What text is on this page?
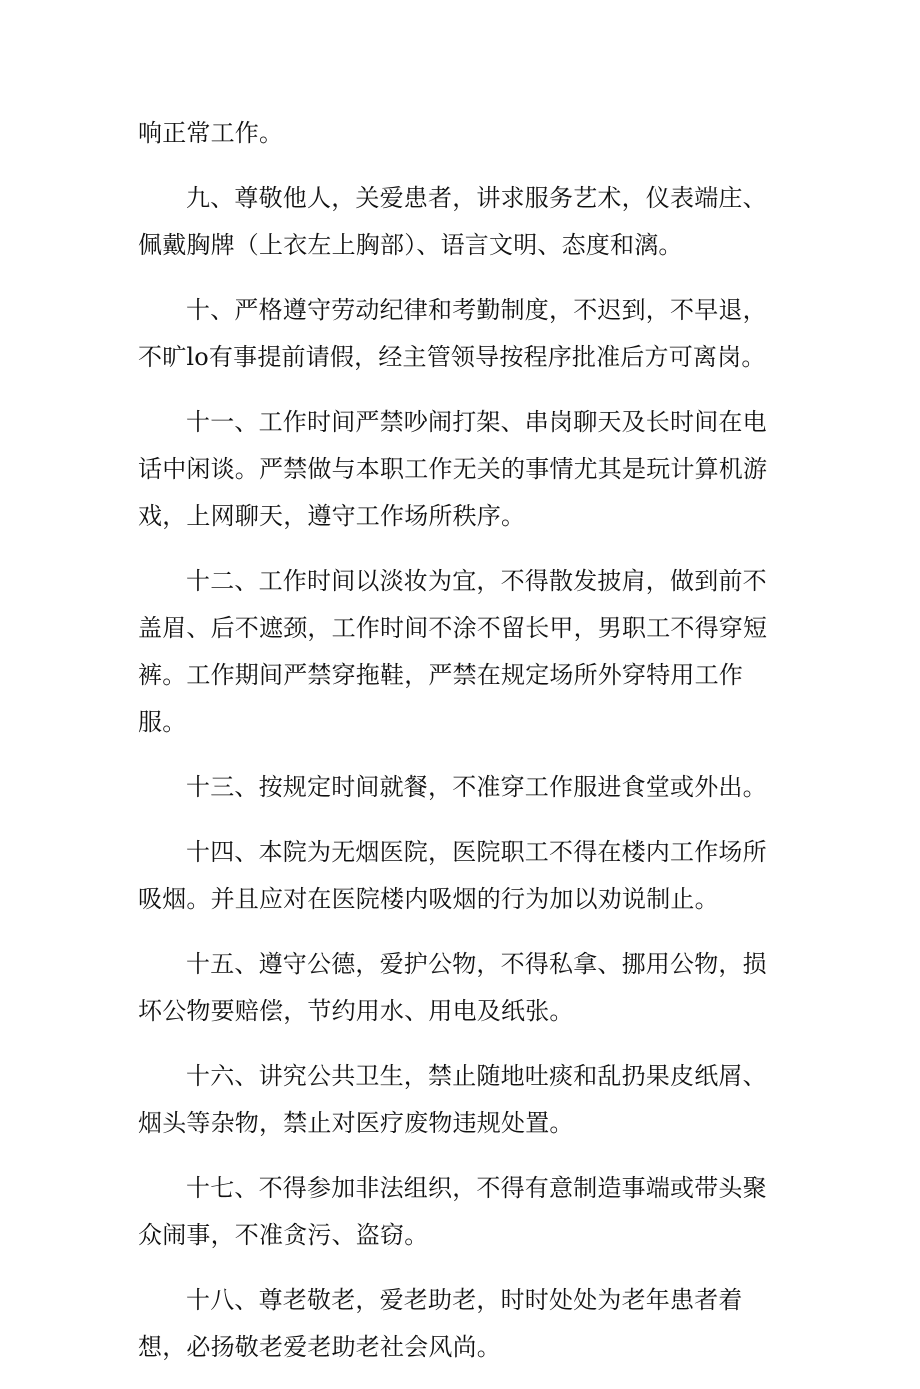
响正常工作。

九、尊敬他人，关爱患者，讲求服务艺术，仪表端庄、佩戴胸牌（上衣左上胸部）、语言文明、态度和漓。

十、严格遵守劳动纪律和考勤制度，不迟到，不早退，不旷lo有事提前请假，经主管领导按程序批准后方可离岗。

十一、工作时间严禁吵闹打架、串岗聊天及长时间在电话中闲谈。严禁做与本职工作无关的事情尤其是玩计算机游戏，上网聊天，遵守工作场所秩序。

十二、工作时间以淡妆为宜，不得散发披肩，做到前不盖眉、后不遮颈，工作时间不涂不留长甲，男职工不得穿短裤。工作期间严禁穿拖鞋，严禁在规定场所外穿特用工作服。

十三、按规定时间就餐，不准穿工作服进食堂或外出。

十四、本院为无烟医院，医院职工不得在楼内工作场所吸烟。并且应对在医院楼内吸烟的行为加以劝说制止。

十五、遵守公德，爱护公物，不得私拿、挪用公物，损坏公物要赔偿，节约用水、用电及纸张。

十六、讲究公共卫生，禁止随地吐痰和乱扔果皮纸屑、烟头等杂物，禁止对医疗废物违规处置。

十七、不得参加非法组织，不得有意制造事端或带头聚众闹事，不准贪污、盗窃。

十八、尊老敬老，爱老助老，时时处处为老年患者着想，必扬敬老爱老助老社会风尚。
